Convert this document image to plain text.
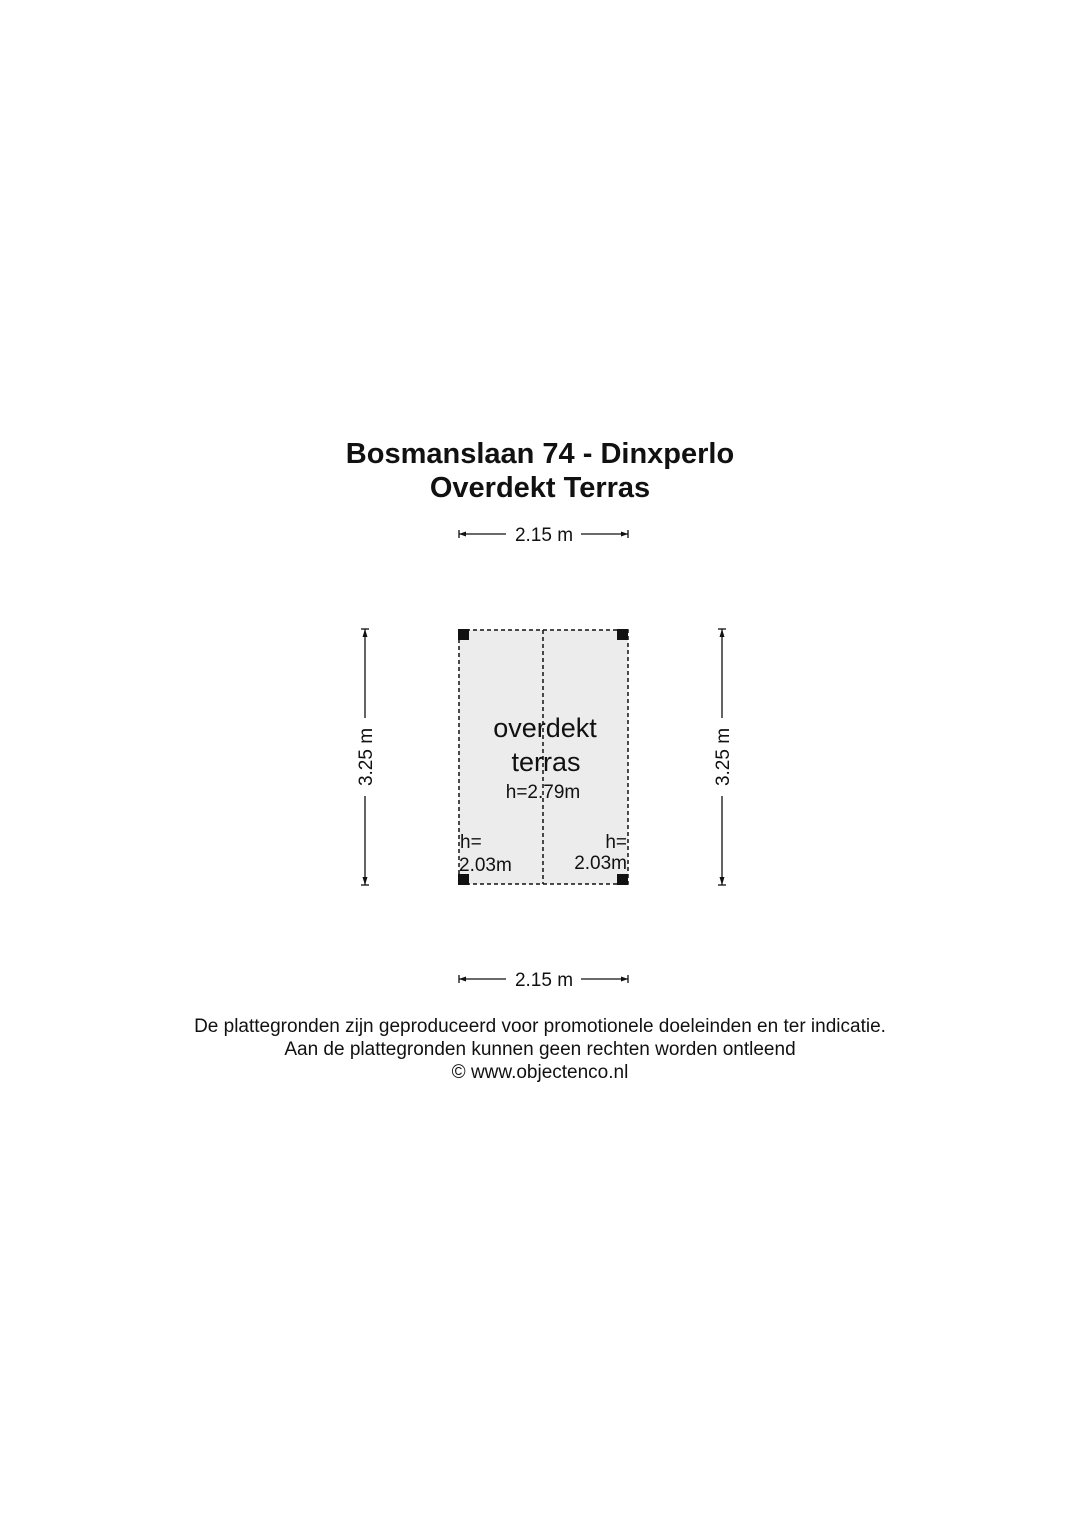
Bosmanslaan 74 - Dinxperlo
Overdekt Terras
overdekt
terras
h=2.79m
h=
2.03m
h=
2.03m
2.15 m
2.15 m
3.25 m	3.25 m
De plattegronden zijn geproduceerd voor promotionele doeleinden en ter indicatie.
Aan de plattegronden kunnen geen rechten worden ontleend
© www.objectenco.nl
